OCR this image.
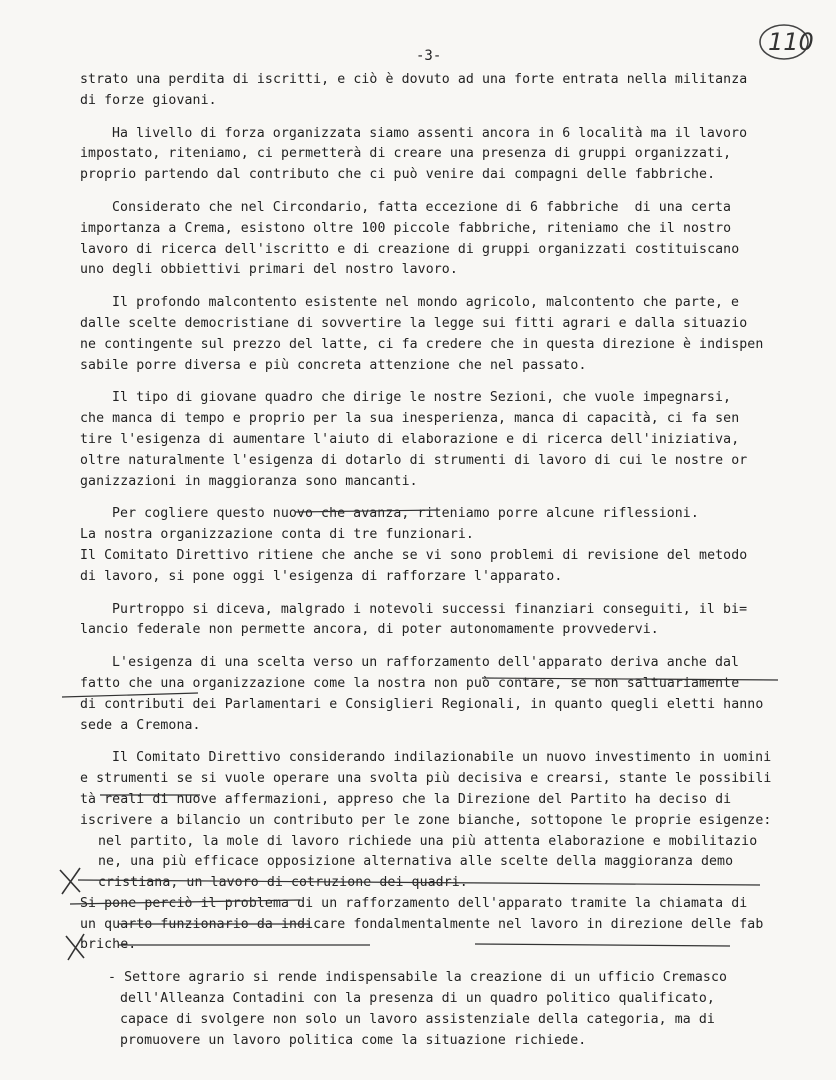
110
-3-

strato una perdita di iscritti, e ciò è dovuto ad una forte entrata nella militanza
di forze giovani.

Ha livello di forza organizzata siamo assenti ancora in 6 località ma il lavoro
impostato, riteniamo, ci permetterà di creare una presenza di gruppi organizzati,
proprio partendo dal contributo che ci può venire dai compagni delle fabbriche.

Considerato che nel Circondario, fatta eccezione di 6 fabbriche  di una certa
importanza a Crema, esistono oltre 100 piccole fabbriche, riteniamo che il nostro
lavoro di ricerca dell'iscritto e di creazione di gruppi organizzati costituiscano
uno degli obbiettivi primari del nostro lavoro.

Il profondo malcontento esistente nel mondo agricolo, malcontento che parte, e
dalle scelte democristiane di sovvertire la legge sui fitti agrari e dalla situazio
ne contingente sul prezzo del latte, ci fa credere che in questa direzione è indispen
sabile porre diversa e più concreta attenzione che nel passato.

Il tipo di giovane quadro che dirige le nostre Sezioni, che vuole impegnarsi,
che manca di tempo e proprio per la sua inesperienza, manca di capacità, ci fa sen
tire l'esigenza di aumentare l'aiuto di elaborazione e di ricerca dell'iniziativa,
oltre naturalmente l'esigenza di dotarlo di strumenti di lavoro di cui le nostre or
ganizzazioni in maggioranza sono mancanti.

Per cogliere questo nuovo che avanza, riteniamo porre alcune riflessioni.

La nostra organizzazione conta di tre funzionari.

Il Comitato Direttivo ritiene che anche se vi sono problemi di revisione del metodo
di lavoro, si pone oggi l'esigenza di rafforzare l'apparato.

Purtroppo si diceva, malgrado i notevoli successi finanziari conseguiti, il bi=
lancio federale non permette ancora, di poter autonomamente provvedervi.

L'esigenza di una scelta verso un rafforzamento dell'apparato deriva anche dal
fatto che una organizzazione come la nostra non può contare, se non saltuariamente
di contributi dei Parlamentari e Consiglieri Regionali, in quanto quegli eletti hanno
sede a Cremona.

Il Comitato Direttivo considerando indilazionabile un nuovo investimento in uomini
e strumenti se si vuole operare una svolta più decisiva e crearsi, stante le possibili
tà reali di nuove affermazioni, appreso che la Direzione del Partito ha deciso di
iscrivere a bilancio un contributo per le zone bianche, sottopone le proprie esigenze:

nel partito, la mole di lavoro richiede una più attenta elaborazione e mobilitazio
ne, una più efficace opposizione alternativa alle scelte della maggioranza demo
cristiana, un lavoro di cotruzione dei quadri.

Si pone perciò il problema di un rafforzamento dell'apparato tramite la chiamata di
un quarto funzionario da indicare fondalmentalmente nel lavoro in direzione delle fab
briche.

- Settore agrario si rende indispensabile la creazione di un ufficio Cremasco
dell'Alleanza Contadini con la presenza di un quadro politico qualificato,
capace di svolgere non solo un lavoro assistenziale della categoria, ma di
promuovere un lavoro politica come la situazione richiede.
